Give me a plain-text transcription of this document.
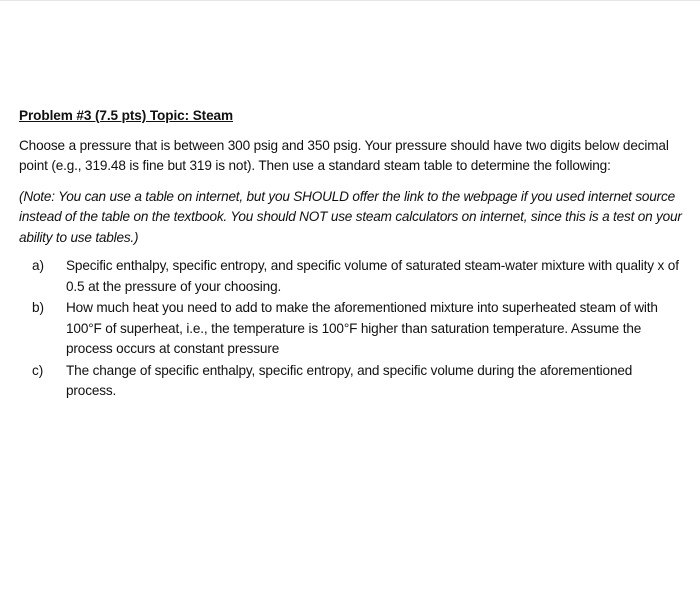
Problem #3 (7.5 pts) Topic: Steam
Choose a pressure that is between 300 psig and 350 psig. Your pressure should have two digits below decimal point (e.g., 319.48 is fine but 319 is not). Then use a standard steam table to determine the following:
(Note: You can use a table on internet, but you SHOULD offer the link to the webpage if you used internet source instead of the table on the textbook. You should NOT use steam calculators on internet, since this is a test on your ability to use tables.)
a)	Specific enthalpy, specific entropy, and specific volume of saturated steam-water mixture with quality x of 0.5 at the pressure of your choosing.
b)	How much heat you need to add to make the aforementioned mixture into superheated steam of with 100°F of superheat, i.e., the temperature is 100°F higher than saturation temperature. Assume the process occurs at constant pressure
c)	The change of specific enthalpy, specific entropy, and specific volume during the aforementioned process.
